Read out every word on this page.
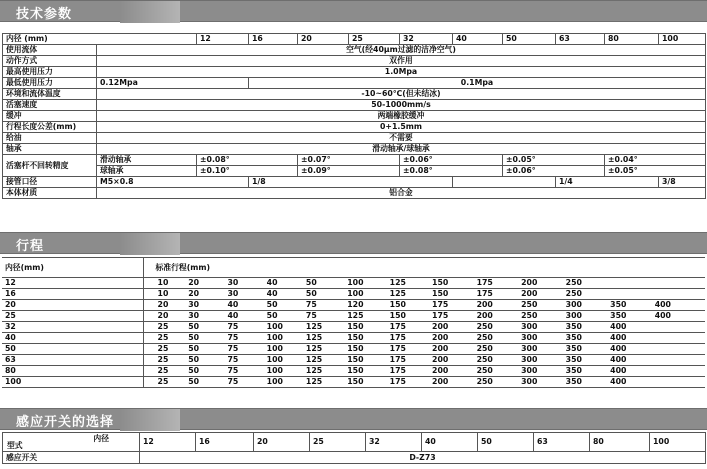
技术参数
内径 (mm)		12	16	20	25	32	40	50	63	80	100
使用流体	空气(经40μm过滤的洁净空气)										
动作方式	双作用										
最高使用压力	1.0Mpa										
最低使用压力	0.12Mpa		0.1Mpa								
环境和流体温度	-10~60℃(但未结冰)										
活塞速度	50-1000mm/s										
缓冲	两端橡胶缓冲										
行程长度公差(mm)	0+1.5mm										
给油	不需要										
轴承	滑动轴承/球轴承										
活塞杆不回转精度	滑动轴承	±0.08°		±0.07°		±0.06°		±0.05°		±0.04°	
	球轴承	±0.10°		±0.09°		±0.08°		±0.06°		±0.05°	
接管口径	M5×0.8		1/8						1/4		3/8
本体材质	铝合金										
行程
内径(mm)	标准行程(mm)
12	10	20	30	40	50	100	125	150	175	200	250		
16	10	20	30	40	50	100	125	150	175	200	250		
20	20	30	40	50	75	120	150	175	200	250	300	350	400
25	20	30	40	50	75	125	150	175	200	250	300	350	400
32	25	50	75	100	125	150	175	200	250	300	350	400	
40	25	50	75	100	125	150	175	200	250	300	350	400	
50	25	50	75	100	125	150	175	200	250	300	350	400	
63	25	50	75	100	125	150	175	200	250	300	350	400	
80	25	50	75	100	125	150	175	200	250	300	350	400	
100	25	50	75	100	125	150	175	200	250	300	350	400	
感应开关的选择
内径
型式	12	16	20	25	32	40	50	63	80	100
感应开关	D-Z73									
